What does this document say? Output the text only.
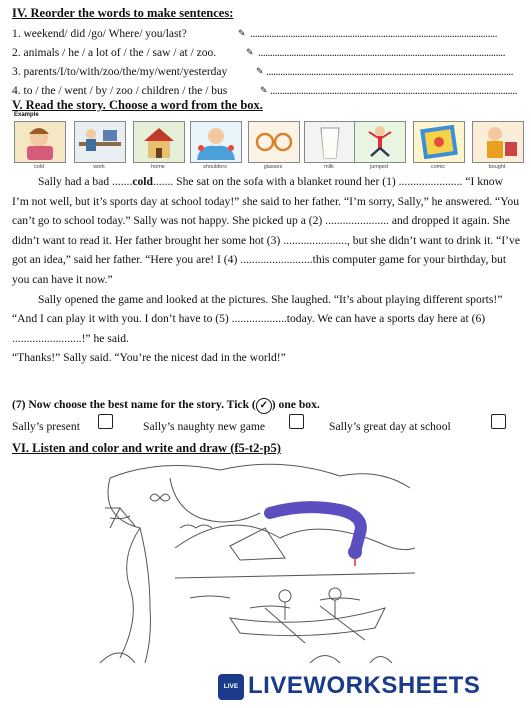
IV. Reorder the words to make sentences:
1. weekend/ did /go/ Where/ you/last?	✎ ........................................................................................................
2. animals / he / a lot of / the / saw / at / zoo.	✎ ........................................................................................................
3. parents/I/to/with/zoo/the/my/went/yesterday	✎ ........................................................................................................
4. to / the / went / by / zoo / children / the / bus	✎ ........................................................................................................
V. Read the story. Choose a word from the box.
Example
cold	work	home	shoulders	glasses	milk	jumped	comic	bought

Sally had a bad .......cold....... She sat on the sofa with a blanket round her (1) ...................... “I know I’m not well, but it’s sports day at school today!” she said to her father. “I’m sorry, Sally,” he answered. “You can’t go to school today.” Sally was not happy. She picked up a (2) ...................... and dropped it again. She didn’t want to read it. Her father brought her some hot (3) ......................, but she didn’t want to drink it. “I’ve got an idea,” said her father. “Here you are! I (4) .........................this computer game for your birthday, but you can have it now.”

Sally opened the game and looked at the pictures. She laughed. “It’s about playing different sports!” “And I can play it with you. I don’t have to (5) ...................today. We can have a sports day here at (6) ........................!” he said.

“Thanks!” Sally said. “You’re the nicest dad in the world!”

(7) Now choose the best name for the story. Tick ( ✓ ) one box.
Sally’s present	Sally’s naughty new game	Sally’s great day at school
VI. Listen and color and write and draw (f5-t2-p5)
LIVE LIVEWORKSHEETS
